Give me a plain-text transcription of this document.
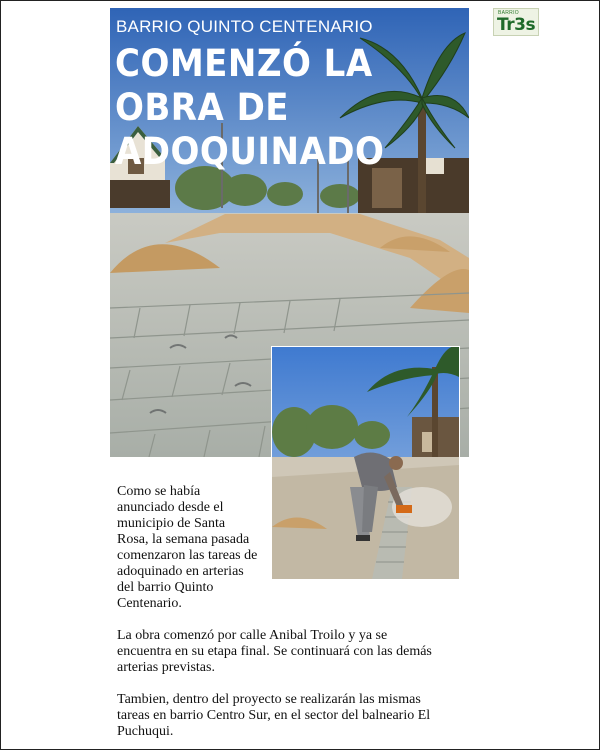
BARRIO QUINTO CENTENARIO

COMENZÓ LA OBRA DE ADOQUINADO
BARRIO
Tr3s

Como se había
anunciado desde el
municipio de Santa
Rosa, la semana pasada
comenzaron las tareas de
adoquinado en arterias
del barrio Quinto
Centenario.

La obra comenzó por calle Anibal Troilo y ya se
encuentra en su etapa final. Se continuará con las demás
arterias previstas.

Tambien, dentro del proyecto se realizarán las mismas
tareas en barrio Centro Sur, en el sector del balneario El
Puchuqui.
